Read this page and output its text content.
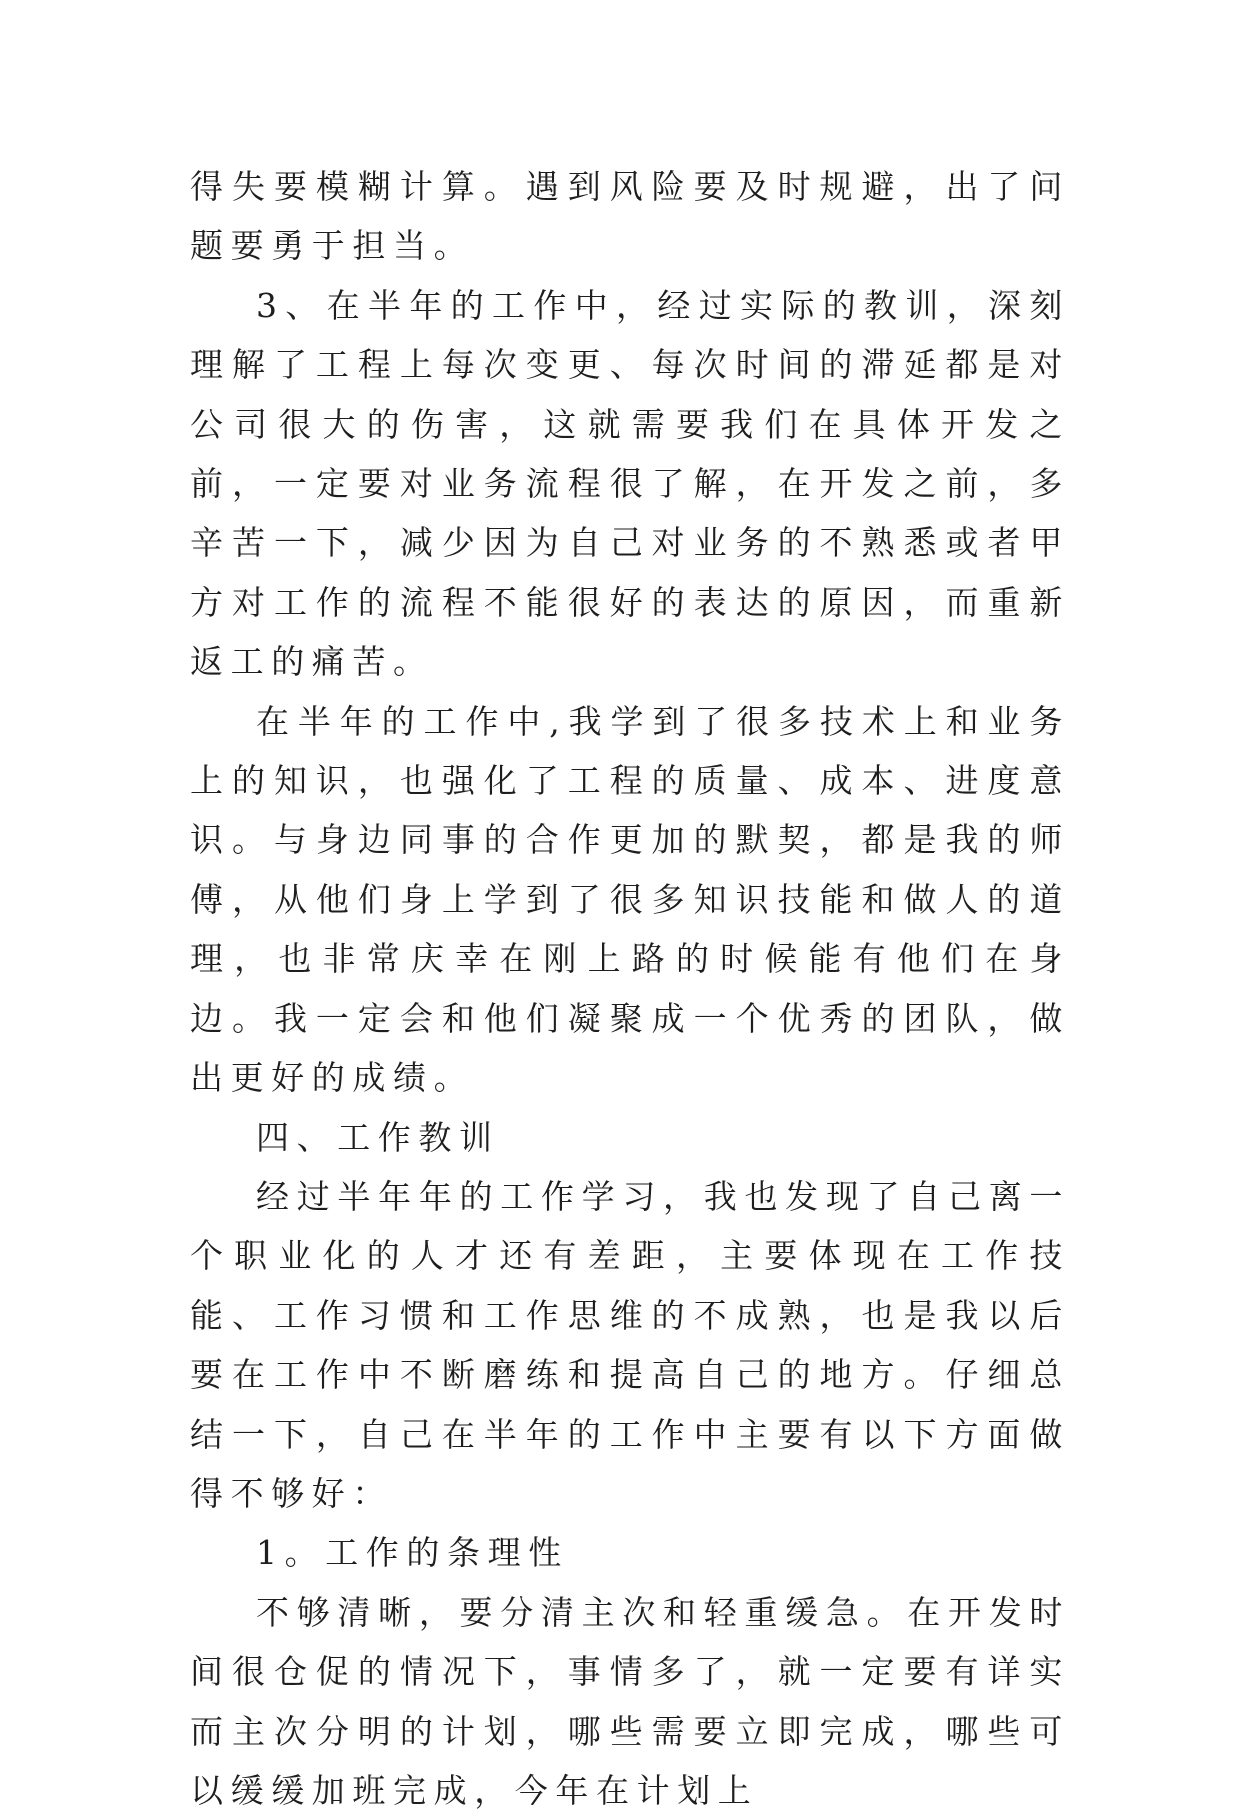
得失要模糊计算。遇到风险要及时规避，出了问题要勇于担当。

3、在半年的工作中，经过实际的教训，深刻理解了工程上每次变更、每次时间的滞延都是对公司很大的伤害，这就需要我们在具体开发之前，一定要对业务流程很了解，在开发之前，多辛苦一下，减少因为自己对业务的不熟悉或者甲方对工作的流程不能很好的表达的原因，而重新返工的痛苦。

在半年的工作中,我学到了很多技术上和业务上的知识，也强化了工程的质量、成本、进度意识。与身边同事的合作更加的默契，都是我的师傅，从他们身上学到了很多知识技能和做人的道理，也非常庆幸在刚上路的时候能有他们在身边。我一定会和他们凝聚成一个优秀的团队，做出更好的成绩。

四、工作教训

经过半年年的工作学习，我也发现了自己离一个职业化的人才还有差距，主要体现在工作技能、工作习惯和工作思维的不成熟，也是我以后要在工作中不断磨练和提高自己的地方。仔细总结一下，自己在半年的工作中主要有以下方面做得不够好：

1。工作的条理性

不够清晰，要分清主次和轻重缓急。在开发时间很仓促的情况下，事情多了，就一定要有详实而主次分明的计划，哪些需要立即完成，哪些可以缓缓加班完成，今年在计划上
